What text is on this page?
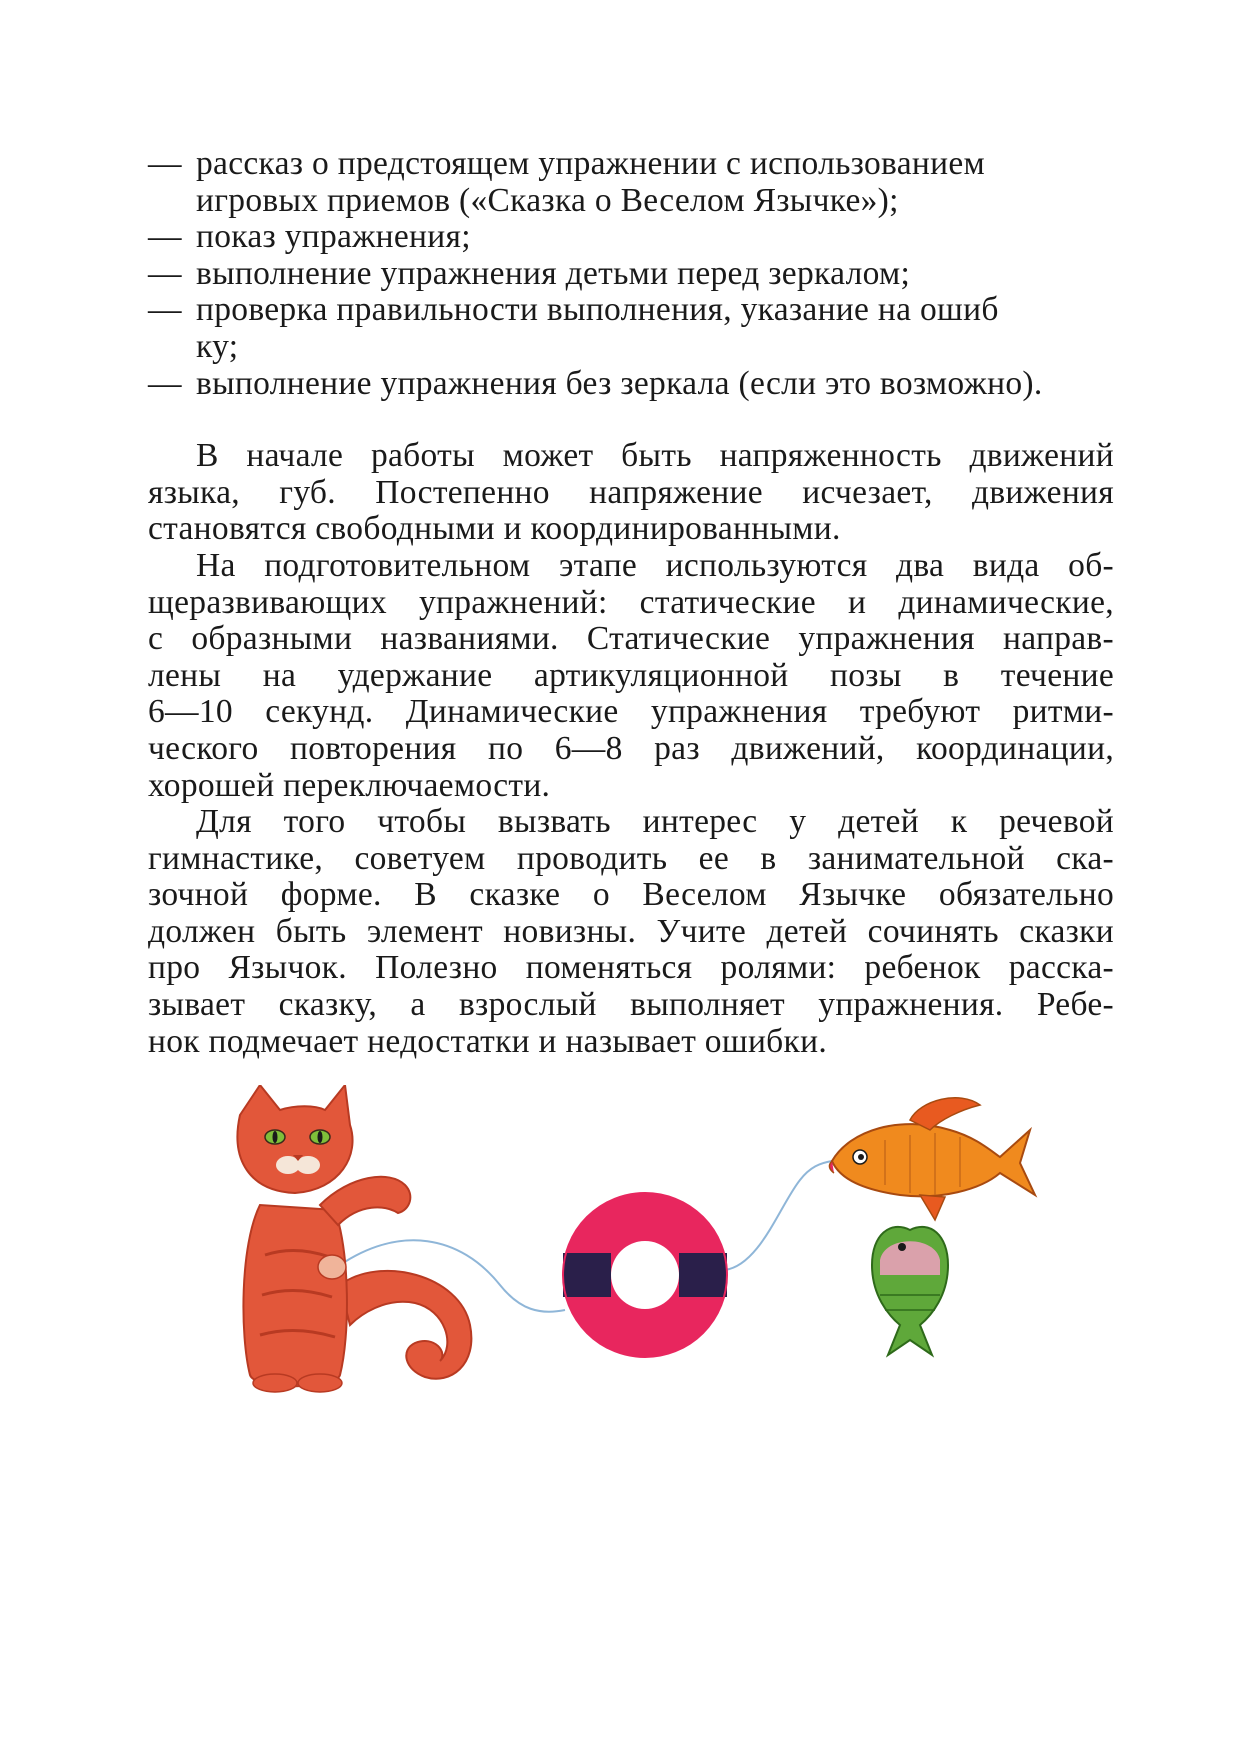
— рассказ о предстоящем упражнении с использованием
игровых приемов («Сказка о Веселом Язычке»);
— показ упражнения;
— выполнение упражнения детьми перед зеркалом;
— проверка правильности выполнения, указание на ошиб
ку;
— выполнение упражнения без зеркала (если это возможно).

В начале работы может быть напряженность движений
языка, губ. Постепенно напряжение исчезает, движения
становятся свободными и координированными.

На подготовительном этапе используются два вида об-
щеразвивающих упражнений: статические и динамические,
с образными названиями. Статические упражнения направ-
лены на удержание артикуляционной позы в течение
6—10 секунд. Динамические упражнения требуют ритми-
ческого повторения по 6—8 раз движений, координации,
хорошей переключаемости.

Для того чтобы вызвать интерес у детей к речевой
гимнастике, советуем проводить ее в занимательной ска-
зочной форме. В сказке о Веселом Язычке обязательно
должен быть элемент новизны. Учите детей сочинять сказки
про Язычок. Полезно поменяться ролями: ребенок расска-
зывает сказку, а взрослый выполняет упражнения. Ребе-
нок подмечает недостатки и называет ошибки.
